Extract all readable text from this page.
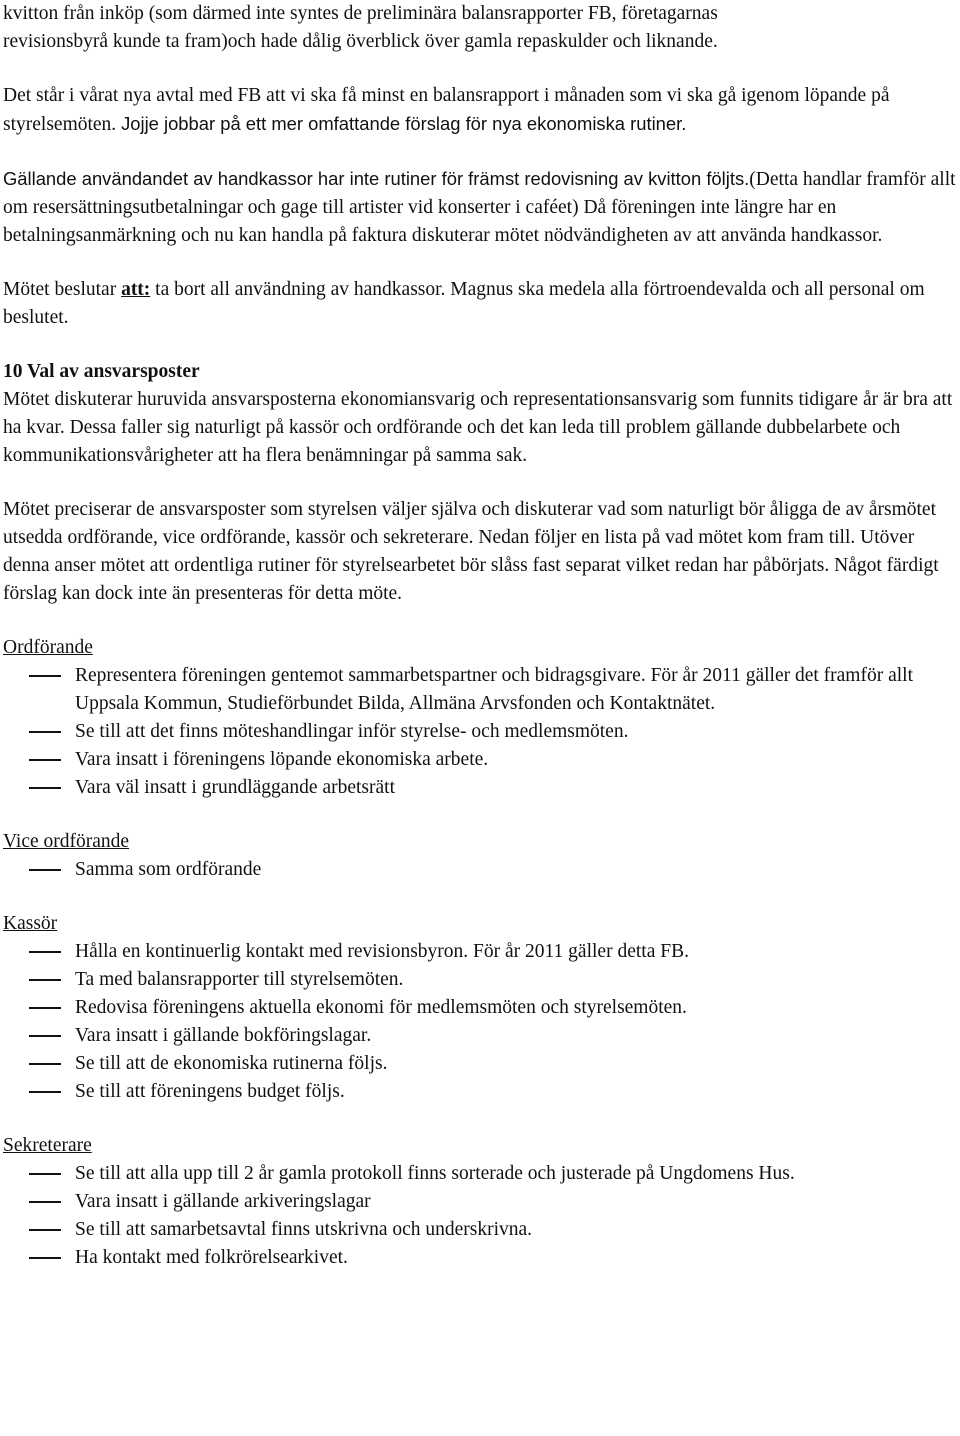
kvitton från inköp (som därmed inte syntes de preliminära balansrapporter FB, företagarnas
revisionsbyrå kunde ta fram)och hade dålig överblick över gamla repaskulder och liknande.

Det står i vårat nya avtal med FB att vi ska få minst en balansrapport i månaden som vi ska gå igenom löpande på styrelsemöten. Jojje jobbar på ett mer omfattande förslag för nya ekonomiska rutiner.

Gällande användandet av handkassor har inte rutiner för främst redovisning av kvitton följts.(Detta handlar framför allt om resersättningsutbetalningar och gage till artister vid konserter i caféet) Då föreningen inte längre har en betalningsanmärkning och nu kan handla på faktura diskuterar mötet nödvändigheten av att använda handkassor.

Mötet beslutar att: ta bort all användning av handkassor. Magnus ska medela alla förtroendevalda och all personal om beslutet.

10 Val av ansvarsposter

Mötet diskuterar huruvida ansvarsposterna ekonomiansvarig och representationsansvarig som funnits tidigare år är bra att ha kvar. Dessa faller sig naturligt på kassör och ordförande och det kan leda till problem gällande dubbelarbete och kommunikationsvårigheter att ha flera benämningar på samma sak.

Mötet preciserar de ansvarsposter som styrelsen väljer själva och diskuterar vad som naturligt bör åligga de av årsmötet utsedda ordförande, vice ordförande, kassör och sekreterare. Nedan följer en lista på vad mötet kom fram till. Utöver denna anser mötet att ordentliga rutiner för styrelsearbetet bör slåss fast separat vilket redan har påbörjats. Något färdigt förslag kan dock inte än presenteras för detta möte.

Ordförande

Representera föreningen gentemot sammarbetspartner och bidragsgivare. För år 2011 gäller det framför allt Uppsala Kommun, Studieförbundet Bilda, Allmäna Arvsfonden och Kontaktnätet.
Se till att det finns möteshandlingar inför styrelse- och medlemsmöten.
Vara insatt i föreningens löpande ekonomiska arbete.
Vara väl insatt i grundläggande arbetsrätt

Vice ordförande

Samma som ordförande

Kassör

Hålla en kontinuerlig kontakt med revisionsbyron. För år 2011 gäller detta FB.
Ta med balansrapporter till styrelsemöten.
Redovisa föreningens aktuella ekonomi för medlemsmöten och styrelsemöten.
Vara insatt i gällande bokföringslagar.
Se till att de ekonomiska rutinerna följs.
Se till att föreningens budget följs.

Sekreterare

Se till att alla upp till 2 år gamla protokoll finns sorterade och justerade på Ungdomens Hus.
Vara insatt i gällande arkiveringslagar
Se till att samarbetsavtal finns utskrivna och underskrivna.
Ha kontakt med folkrörelsearkivet.
